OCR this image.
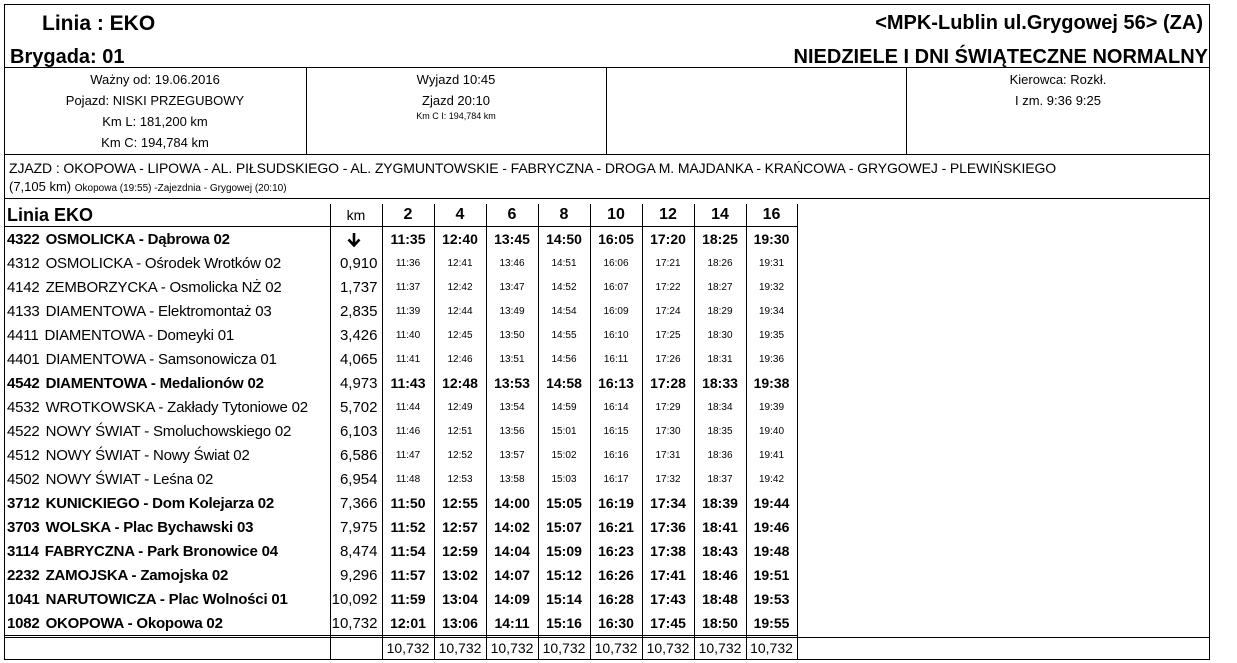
Linia : EKO
Brygada: 01
<MPK-Lublin ul.Grygowej 56> (ZA)
NIEDZIELE I DNI ŚWIĄTECZNE NORMALNY
Ważny od: 19.06.2016
Pojazd: NISKI PRZEGUBOWY
Km L: 181,200 km
Km C: 194,784 km
Wyjazd 10:45
Zjazd 20:10
Km C I: 194,784 km
Kierowca: Rozkł.
I zm. 9:36 9:25
ZJAZD : OKOPOWA - LIPOWA - AL. PIŁSUDSKIEGO - AL. ZYGMUNTOWSKIE - FABRYCZNA - DROGA M. MAJDANKA - KRAŃCOWA - GRYGOWEJ - PLEWIŃSKIEGO
(7,105 km) Okopowa (19:55) -Zajezdnia - Grygowej (20:10)
Linia EKO	km	2	4	6	8	10	12	14	16
4322 OSMOLICKA - Dąbrowa 02		11:35	12:40	13:45	14:50	16:05	17:20	18:25	19:30
4312 OSMOLICKA - Ośrodek Wrotków 02	0,910	11:36	12:41	13:46	14:51	16:06	17:21	18:26	19:31
4142 ZEMBORZYCKA - Osmolicka NŻ 02	1,737	11:37	12:42	13:47	14:52	16:07	17:22	18:27	19:32
4133 DIAMENTOWA - Elektromontaż 03	2,835	11:39	12:44	13:49	14:54	16:09	17:24	18:29	19:34
4411 DIAMENTOWA - Domeyki 01	3,426	11:40	12:45	13:50	14:55	16:10	17:25	18:30	19:35
4401 DIAMENTOWA - Samsonowicza 01	4,065	11:41	12:46	13:51	14:56	16:11	17:26	18:31	19:36
4542 DIAMENTOWA - Medalionów 02	4,973	11:43	12:48	13:53	14:58	16:13	17:28	18:33	19:38
4532 WROTKOWSKA - Zakłady Tytoniowe 02	5,702	11:44	12:49	13:54	14:59	16:14	17:29	18:34	19:39
4522 NOWY ŚWIAT - Smoluchowskiego 02	6,103	11:46	12:51	13:56	15:01	16:15	17:30	18:35	19:40
4512 NOWY ŚWIAT - Nowy Świat 02	6,586	11:47	12:52	13:57	15:02	16:16	17:31	18:36	19:41
4502 NOWY ŚWIAT - Leśna 02	6,954	11:48	12:53	13:58	15:03	16:17	17:32	18:37	19:42
3712 KUNICKIEGO - Dom Kolejarza 02	7,366	11:50	12:55	14:00	15:05	16:19	17:34	18:39	19:44
3703 WOLSKA - Plac Bychawski 03	7,975	11:52	12:57	14:02	15:07	16:21	17:36	18:41	19:46
3114 FABRYCZNA - Park Bronowice 04	8,474	11:54	12:59	14:04	15:09	16:23	17:38	18:43	19:48
2232 ZAMOJSKA - Zamojska 02	9,296	11:57	13:02	14:07	15:12	16:26	17:41	18:46	19:51
1041 NARUTOWICZA - Plac Wolności 01	10,092	11:59	13:04	14:09	15:14	16:28	17:43	18:48	19:53
1082 OKOPOWA - Okopowa 02	10,732	12:01	13:06	14:11	15:16	16:30	17:45	18:50	19:55
		10,732	10,732	10,732	10,732	10,732	10,732	10,732	10,732
